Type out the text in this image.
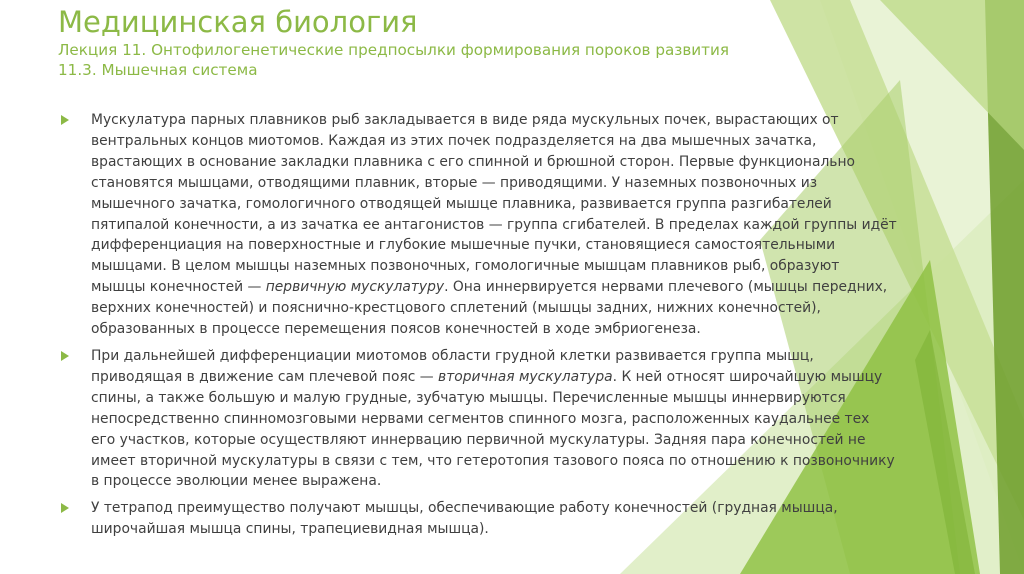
Медицинская биология
Лекция 11. Онтофилогенетические предпосылки формирования пороков развития
11.3. Мышечная система
Мускулатура парных плавников рыб закладывается в виде ряда мускульных почек, вырастающих от
вентральных концов миотомов. Каждая из этих почек подразделяется на два мышечных зачатка,
врастающих в основание закладки плавника с его спинной и брюшной сторон. Первые функционально
становятся мышцами, отводящими плавник, вторые — приводящими. У наземных позвоночных из
мышечного зачатка, гомологичного отводящей мышце плавника, развивается группа разгибателей
пятипалой конечности, а из зачатка ее антагонистов — группа сгибателей. В пределах каждой группы идёт
дифференциация на поверхностные и глубокие мышечные пучки, становящиеся самостоятельными
мышцами. В целом мышцы наземных позвоночных, гомологичные мышцам плавников рыб, образуют
мышцы конечностей — первичную мускулатуру. Она иннервируется нервами плечевого (мышцы передних,
верхних конечностей) и пояснично-крестцового сплетений (мышцы задних, нижних конечностей),
образованных в процессе перемещения поясов конечностей в ходе эмбриогенеза.
При дальнейшей дифференциации миотомов области грудной клетки развивается группа мышц,
приводящая в движение сам плечевой пояс — вторичная мускулатура. К ней относят широчайшую мышцу
спины, а также большую и малую грудные, зубчатую мышцы. Перечисленные мышцы иннервируются
непосредственно спинномозговыми нервами сегментов спинного мозга, расположенных каудальнее тех
его участков, которые осуществляют иннервацию первичной мускулатуры. Задняя пара конечностей не
имеет вторичной мускулатуры в связи с тем, что гетеротопия тазового пояса по отношению к позвоночнику
в процессе эволюции менее выражена.
У тетрапод преимущество получают мышцы, обеспечивающие работу конечностей (грудная мышца,
широчайшая мышца спины, трапециевидная мышца).
